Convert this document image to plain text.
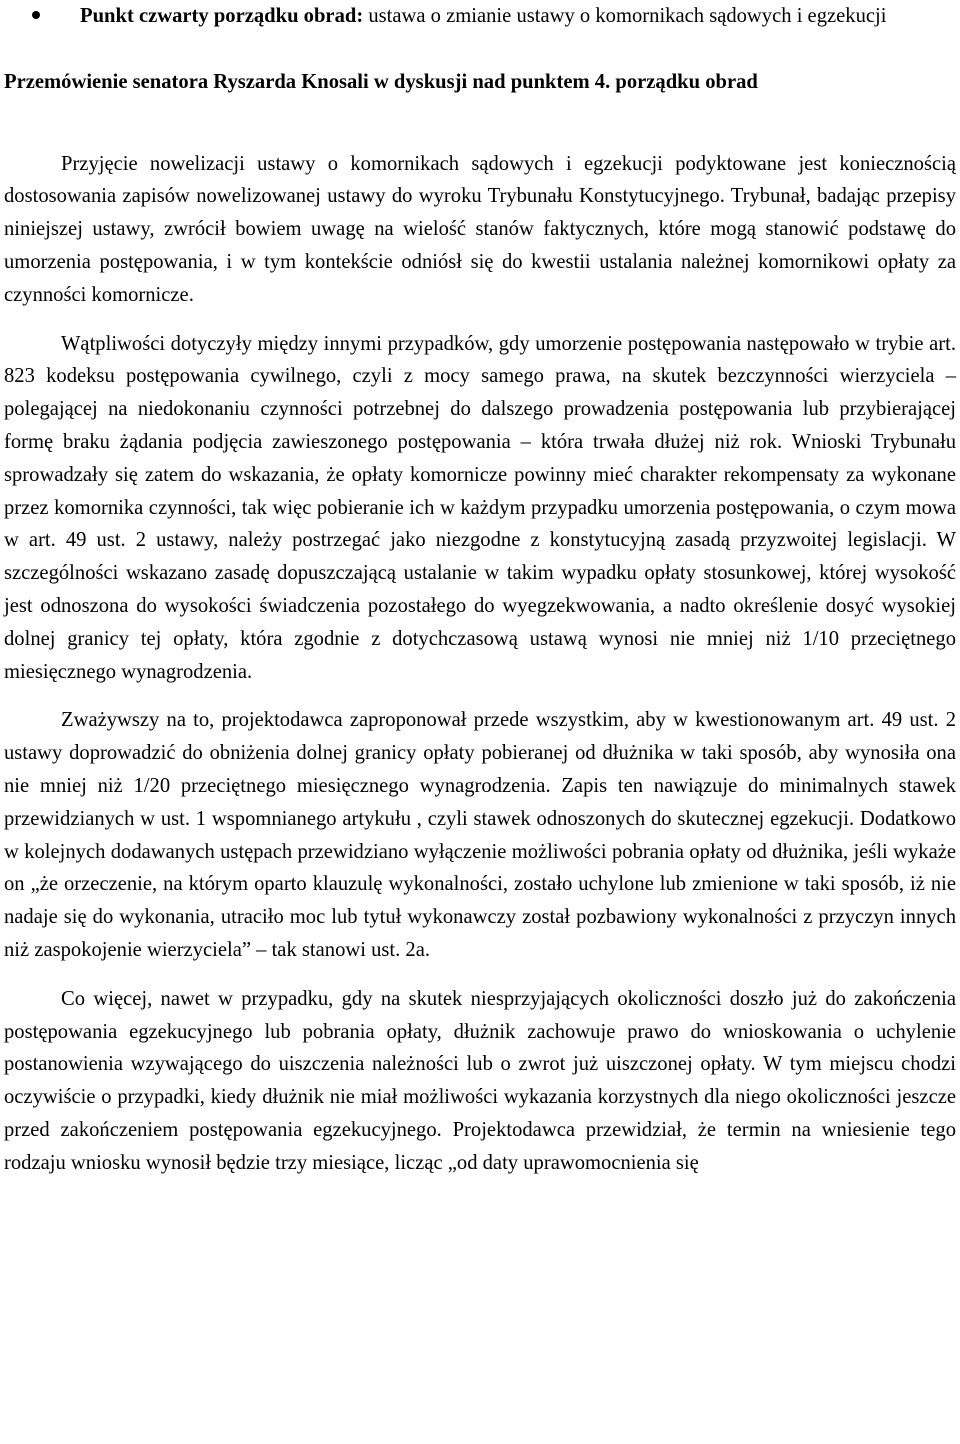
Punkt czwarty porządku obrad: ustawa o zmianie ustawy o komornikach sądowych i egzekucji
Przemówienie senatora Ryszarda Knosali w dyskusji nad punktem 4. porządku obrad

Przyjęcie nowelizacji ustawy o komornikach sądowych i egzekucji podyktowane jest koniecznością dostosowania zapisów nowelizowanej ustawy do wyroku Trybunału Konstytucyjnego. Trybunał, badając przepisy niniejszej ustawy, zwrócił bowiem uwagę na wielość stanów faktycznych, które mogą stanowić podstawę do umorzenia postępowania, i w tym kontekście odniósł się do kwestii ustalania należnej komornikowi opłaty za czynności komornicze.

Wątpliwości dotyczyły między innymi przypadków, gdy umorzenie postępowania następowało w trybie art. 823 kodeksu postępowania cywilnego, czyli z mocy samego prawa, na skutek bezczynności wierzyciela – polegającej na niedokonaniu czynności potrzebnej do dalszego prowadzenia postępowania lub przybierającej formę braku żądania podjęcia zawieszonego postępowania – która trwała dłużej niż rok. Wnioski Trybunału sprowadzały się zatem do wskazania, że opłaty komornicze powinny mieć charakter rekompensaty za wykonane przez komornika czynności, tak więc pobieranie ich w każdym przypadku umorzenia postępowania, o czym mowa w art. 49 ust. 2 ustawy, należy postrzegać jako niezgodne z konstytucyjną zasadą przyzwoitej legislacji. W szczególności wskazano zasadę dopuszczającą ustalanie w takim wypadku opłaty stosunkowej, której wysokość jest odnoszona do wysokości świadczenia pozostałego do wyegzekwowania, a nadto określenie dosyć wysokiej dolnej granicy tej opłaty, która zgodnie z dotychczasową ustawą wynosi nie mniej niż 1/10 przeciętnego miesięcznego wynagrodzenia.

Zważywszy na to, projektodawca zaproponował przede wszystkim, aby w kwestionowanym art. 49 ust. 2 ustawy doprowadzić do obniżenia dolnej granicy opłaty pobieranej od dłużnika w taki sposób, aby wynosiła ona nie mniej niż 1/20 przeciętnego miesięcznego wynagrodzenia. Zapis ten nawiązuje do minimalnych stawek przewidzianych w ust. 1 wspomnianego artykułu , czyli stawek odnoszonych do skutecznej egzekucji. Dodatkowo w kolejnych dodawanych ustępach przewidziano wyłączenie możliwości pobrania opłaty od dłużnika, jeśli wykaże on „że orzeczenie, na którym oparto klauzulę wykonalności, zostało uchylone lub zmienione w taki sposób, iż nie nadaje się do wykonania, utraciło moc lub tytuł wykonawczy został pozbawiony wykonalności z przyczyn innych niż zaspokojenie wierzyciela” – tak stanowi ust. 2a.

Co więcej, nawet w przypadku, gdy na skutek niesprzyjających okoliczności doszło już do zakończenia postępowania egzekucyjnego lub pobrania opłaty, dłużnik zachowuje prawo do wnioskowania o uchylenie postanowienia wzywającego do uiszczenia należności lub o zwrot już uiszczonej opłaty. W tym miejscu chodzi oczywiście o przypadki, kiedy dłużnik nie miał możliwości wykazania korzystnych dla niego okoliczności jeszcze przed zakończeniem postępowania egzekucyjnego. Projektodawca przewidział, że termin na wniesienie tego rodzaju wniosku wynosił będzie trzy miesiące, licząc „od daty uprawomocnienia się
